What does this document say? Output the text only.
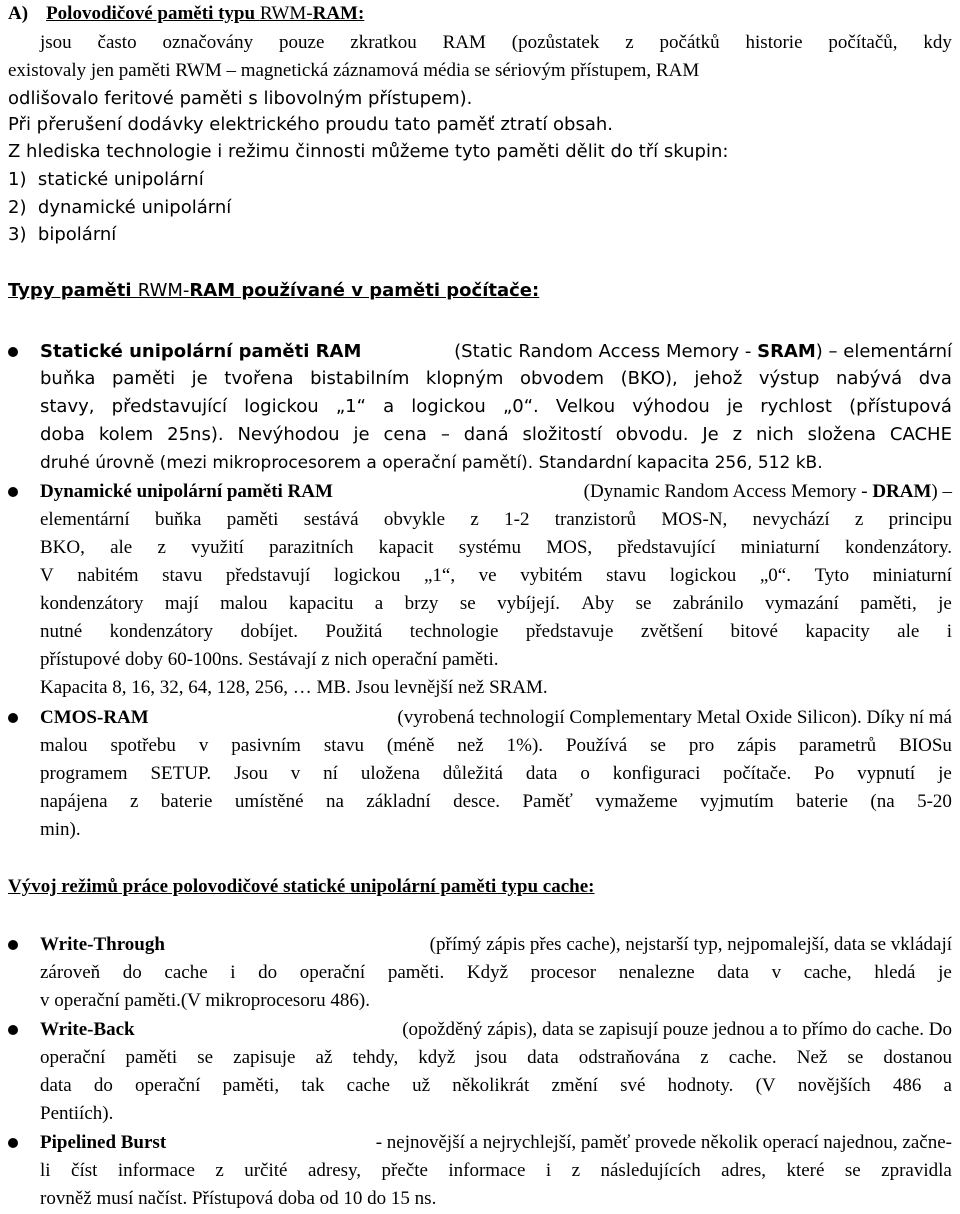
A) Polovodičové paměti typu RWM-RAM:
jsou často označovány pouze zkratkou RAM (pozůstatek z počátků historie počítačů, kdy
existovaly jen paměti RWM – magnetická záznamová média se sériovým přístupem, RAM
odlišovalo feritové paměti s libovolným přístupem).
Při přerušení dodávky elektrického proudu tato paměť ztratí obsah.
Z hlediska technologie i režimu činnosti můžeme tyto paměti dělit do tří skupin:
1)  statické unipolární
2)  dynamické unipolární
3)  bipolární
Typy paměti RWM-RAM používané v paměti počítače:
Statické unipolární paměti RAM	(Static Random Access Memory - SRAM) – elementární
buňka paměti je tvořena bistabilním klopným obvodem (BKO), jehož výstup nabývá dva
stavy, představující logickou „1“ a logickou „0“. Velkou výhodou je rychlost (přístupová
doba kolem 25ns). Nevýhodou je cena – daná složitostí obvodu. Je z nich složena CACHE
druhé úrovně (mezi mikroprocesorem a operační pamětí). Standardní kapacita 256, 512 kB.
Dynamické unipolární paměti RAM	(Dynamic Random Access Memory - DRAM) –
elementární buňka paměti sestává obvykle z 1-2 tranzistorů MOS-N, nevychází z principu
BKO, ale z využití parazitních kapacit systému MOS, představující miniaturní kondenzátory.
V nabitém stavu představují logickou „1“, ve vybitém stavu logickou „0“. Tyto miniaturní
kondenzátory mají malou kapacitu a brzy se vybíjejí. Aby se zabránilo vymazání paměti, je
nutné kondenzátory dobíjet. Použitá technologie představuje zvětšení bitové kapacity ale i
přístupové doby 60-100ns. Sestávají z nich operační paměti.
Kapacita 8, 16, 32, 64, 128, 256, … MB. Jsou levnější než SRAM.
CMOS-RAM	(vyrobená technologií Complementary Metal Oxide Silicon). Díky ní má
malou spotřebu v pasivním stavu (méně než 1%). Používá se pro zápis parametrů BIOSu
programem SETUP. Jsou v ní uložena důležitá data o konfiguraci počítače. Po vypnutí je
napájena z baterie umístěné na základní desce. Paměť vymažeme vyjmutím baterie (na 5-20
min).
Vývoj režimů práce polovodičové statické unipolární paměti typu cache:
Write-Through	(přímý zápis přes cache), nejstarší typ, nejpomalejší, data se vkládají
zároveň do cache i do operační paměti. Když procesor nenalezne data v cache, hledá je
v operační paměti.(V mikroprocesoru 486).
Write-Back	(opožděný zápis), data se zapisují pouze jednou a to přímo do cache. Do
operační paměti se zapisuje až tehdy, když jsou data odstraňována z cache. Než se dostanou
data do operační paměti, tak cache už několikrát změní své hodnoty. (V novějších 486 a
Pentiích).
Pipelined Burst	- nejnovější a nejrychlejší, paměť provede několik operací najednou, začne-
li číst informace z určité adresy, přečte informace i z následujících adres, které se zpravidla
rovněž musí načíst. Přístupová doba od 10 do 15 ns.
